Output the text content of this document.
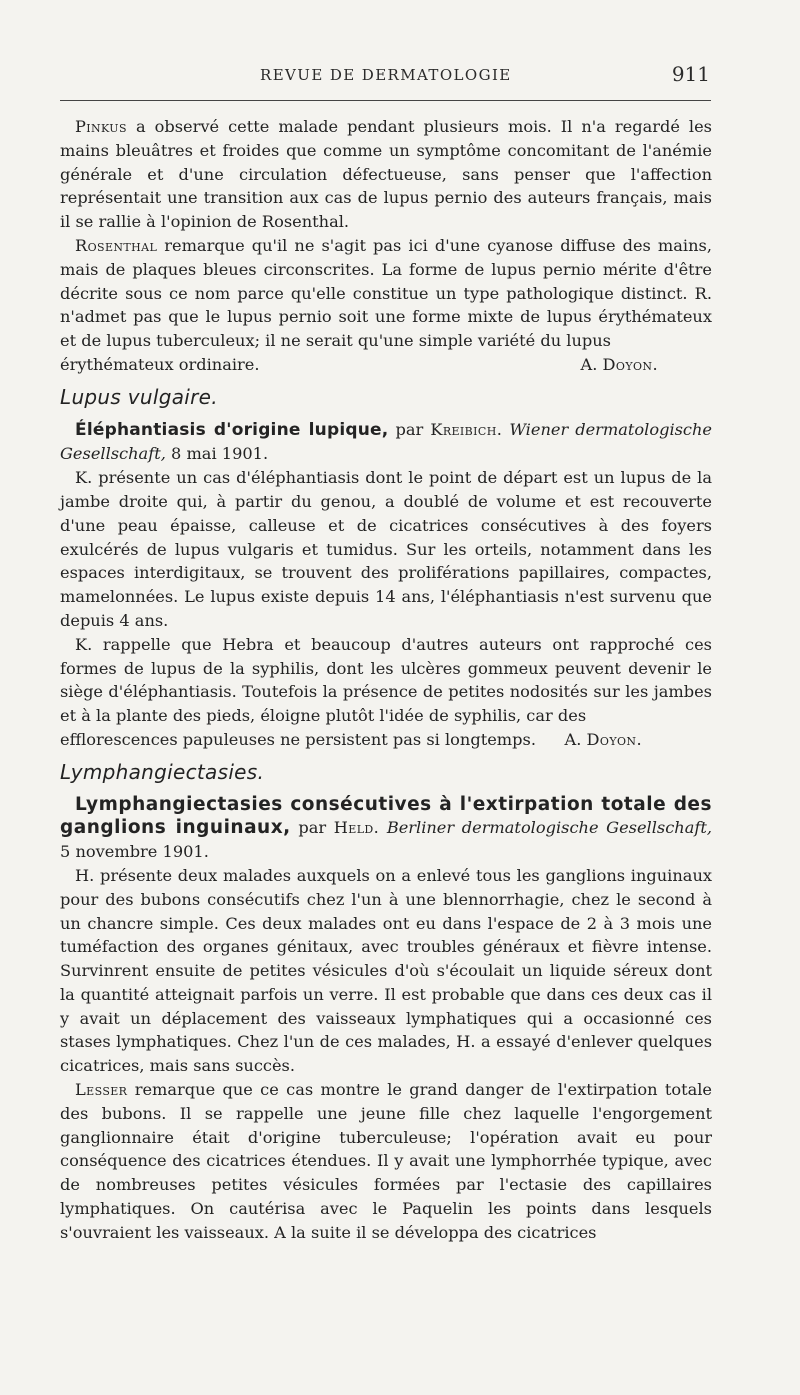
REVUE DE DERMATOLOGIE	911

Pinkus a observé cette malade pendant plusieurs mois. Il n'a regardé les mains bleuâtres et froides que comme un symptôme concomitant de l'anémie générale et d'une circulation défectueuse, sans penser que l'affection représentait une transition aux cas de lupus pernio des auteurs français, mais il se rallie à l'opinion de Rosenthal.

Rosenthal remarque qu'il ne s'agit pas ici d'une cyanose diffuse des mains, mais de plaques bleues circonscrites. La forme de lupus pernio mérite d'être décrite sous ce nom parce qu'elle constitue un type pathologique distinct. R. n'admet pas que le lupus pernio soit une forme mixte de lupus érythémateux et de lupus tuberculeux; il ne serait qu'une simple variété du lupus

érythémateux ordinaire.	A. Doyon.
Lupus vulgaire.

Éléphantiasis d'origine lupique, par Kreibich. Wiener dermatologische Gesellschaft, 8 mai 1901.

K. présente un cas d'éléphantiasis dont le point de départ est un lupus de la jambe droite qui, à partir du genou, a doublé de volume et est recouverte d'une peau épaisse, calleuse et de cicatrices consécutives à des foyers exulcérés de lupus vulgaris et tumidus. Sur les orteils, notamment dans les espaces interdigitaux, se trouvent des proliférations papillaires, compactes, mamelonnées. Le lupus existe depuis 14 ans, l'éléphantiasis n'est survenu que depuis 4 ans.

K. rappelle que Hebra et beaucoup d'autres auteurs ont rapproché ces formes de lupus de la syphilis, dont les ulcères gommeux peuvent devenir le siège d'éléphantiasis. Toutefois la présence de petites nodosités sur les jambes et à la plante des pieds, éloigne plutôt l'idée de syphilis, car des

efflorescences papuleuses ne persistent pas si longtemps. A. Doyon.
Lymphangiectasies.

Lymphangiectasies consécutives à l'extirpation totale des ganglions inguinaux, par Held. Berliner dermatologische Gesellschaft, 5 novembre 1901.

H. présente deux malades auxquels on a enlevé tous les ganglions inguinaux pour des bubons consécutifs chez l'un à une blennorrhagie, chez le second à un chancre simple. Ces deux malades ont eu dans l'espace de 2 à 3 mois une tuméfaction des organes génitaux, avec troubles généraux et fièvre intense. Survinrent ensuite de petites vésicules d'où s'écoulait un liquide séreux dont la quantité atteignait parfois un verre. Il est probable que dans ces deux cas il y avait un déplacement des vaisseaux lymphatiques qui a occasionné ces stases lymphatiques. Chez l'un de ces malades, H. a essayé d'enlever quelques cicatrices, mais sans succès.

Lesser remarque que ce cas montre le grand danger de l'extirpation totale des bubons. Il se rappelle une jeune fille chez laquelle l'engorgement ganglionnaire était d'origine tuberculeuse; l'opération avait eu pour conséquence des cicatrices étendues. Il y avait une lymphorrhée typique, avec de nombreuses petites vésicules formées par l'ectasie des capillaires lymphatiques. On cautérisa avec le Paquelin les points dans lesquels s'ouvraient les vaisseaux. A la suite il se développa des cicatrices
